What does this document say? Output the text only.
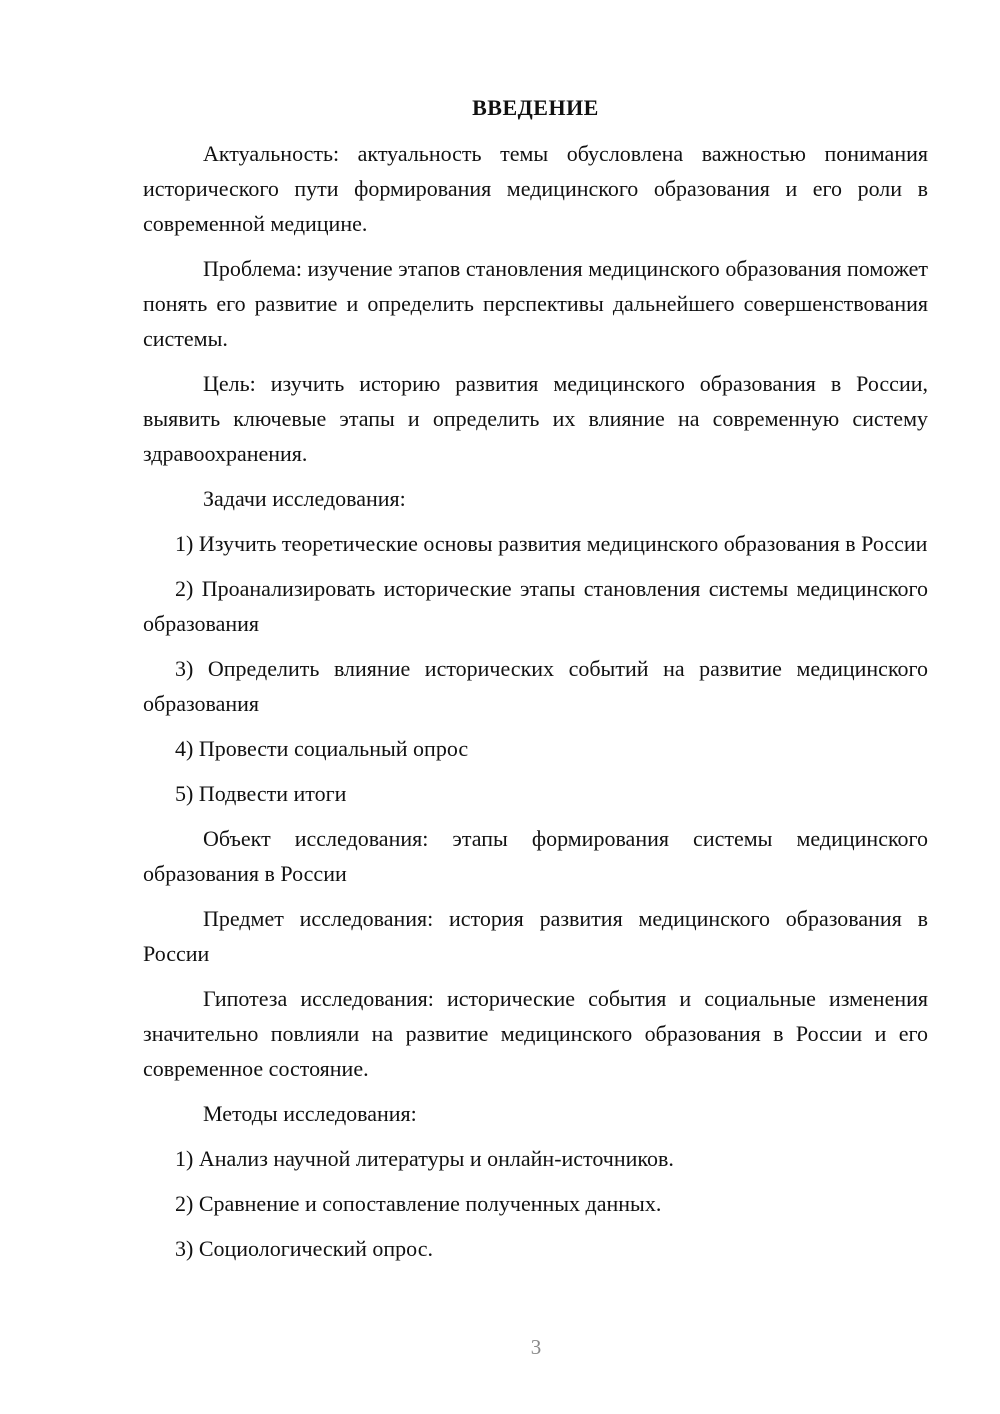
ВВЕДЕНИЕ

Актуальность: актуальность темы обусловлена важностью понимания исторического пути формирования медицинского образования и его роли в современной медицине.

Проблема: изучение этапов становления медицинского образования поможет понять его развитие и определить перспективы дальнейшего совершенствования системы.

Цель: изучить историю развития медицинского образования в России, выявить ключевые этапы и определить их влияние на современную систему здравоохранения.

Задачи исследования:

1) Изучить теоретические основы развития медицинского образования в России

2) Проанализировать исторические этапы становления системы медицинского образования

3) Определить влияние исторических событий на развитие медицинского образования

4) Провести социальный опрос

5) Подвести итоги

Объект исследования: этапы формирования системы медицинского образования в России

Предмет исследования: история развития медицинского образования в России

Гипотеза исследования: исторические события и социальные изменения значительно повлияли на развитие медицинского образования в России и его современное состояние.

Методы исследования:

1) Анализ научной литературы и онлайн-источников.

2) Сравнение и сопоставление полученных данных.

3) Социологический опрос.

3
